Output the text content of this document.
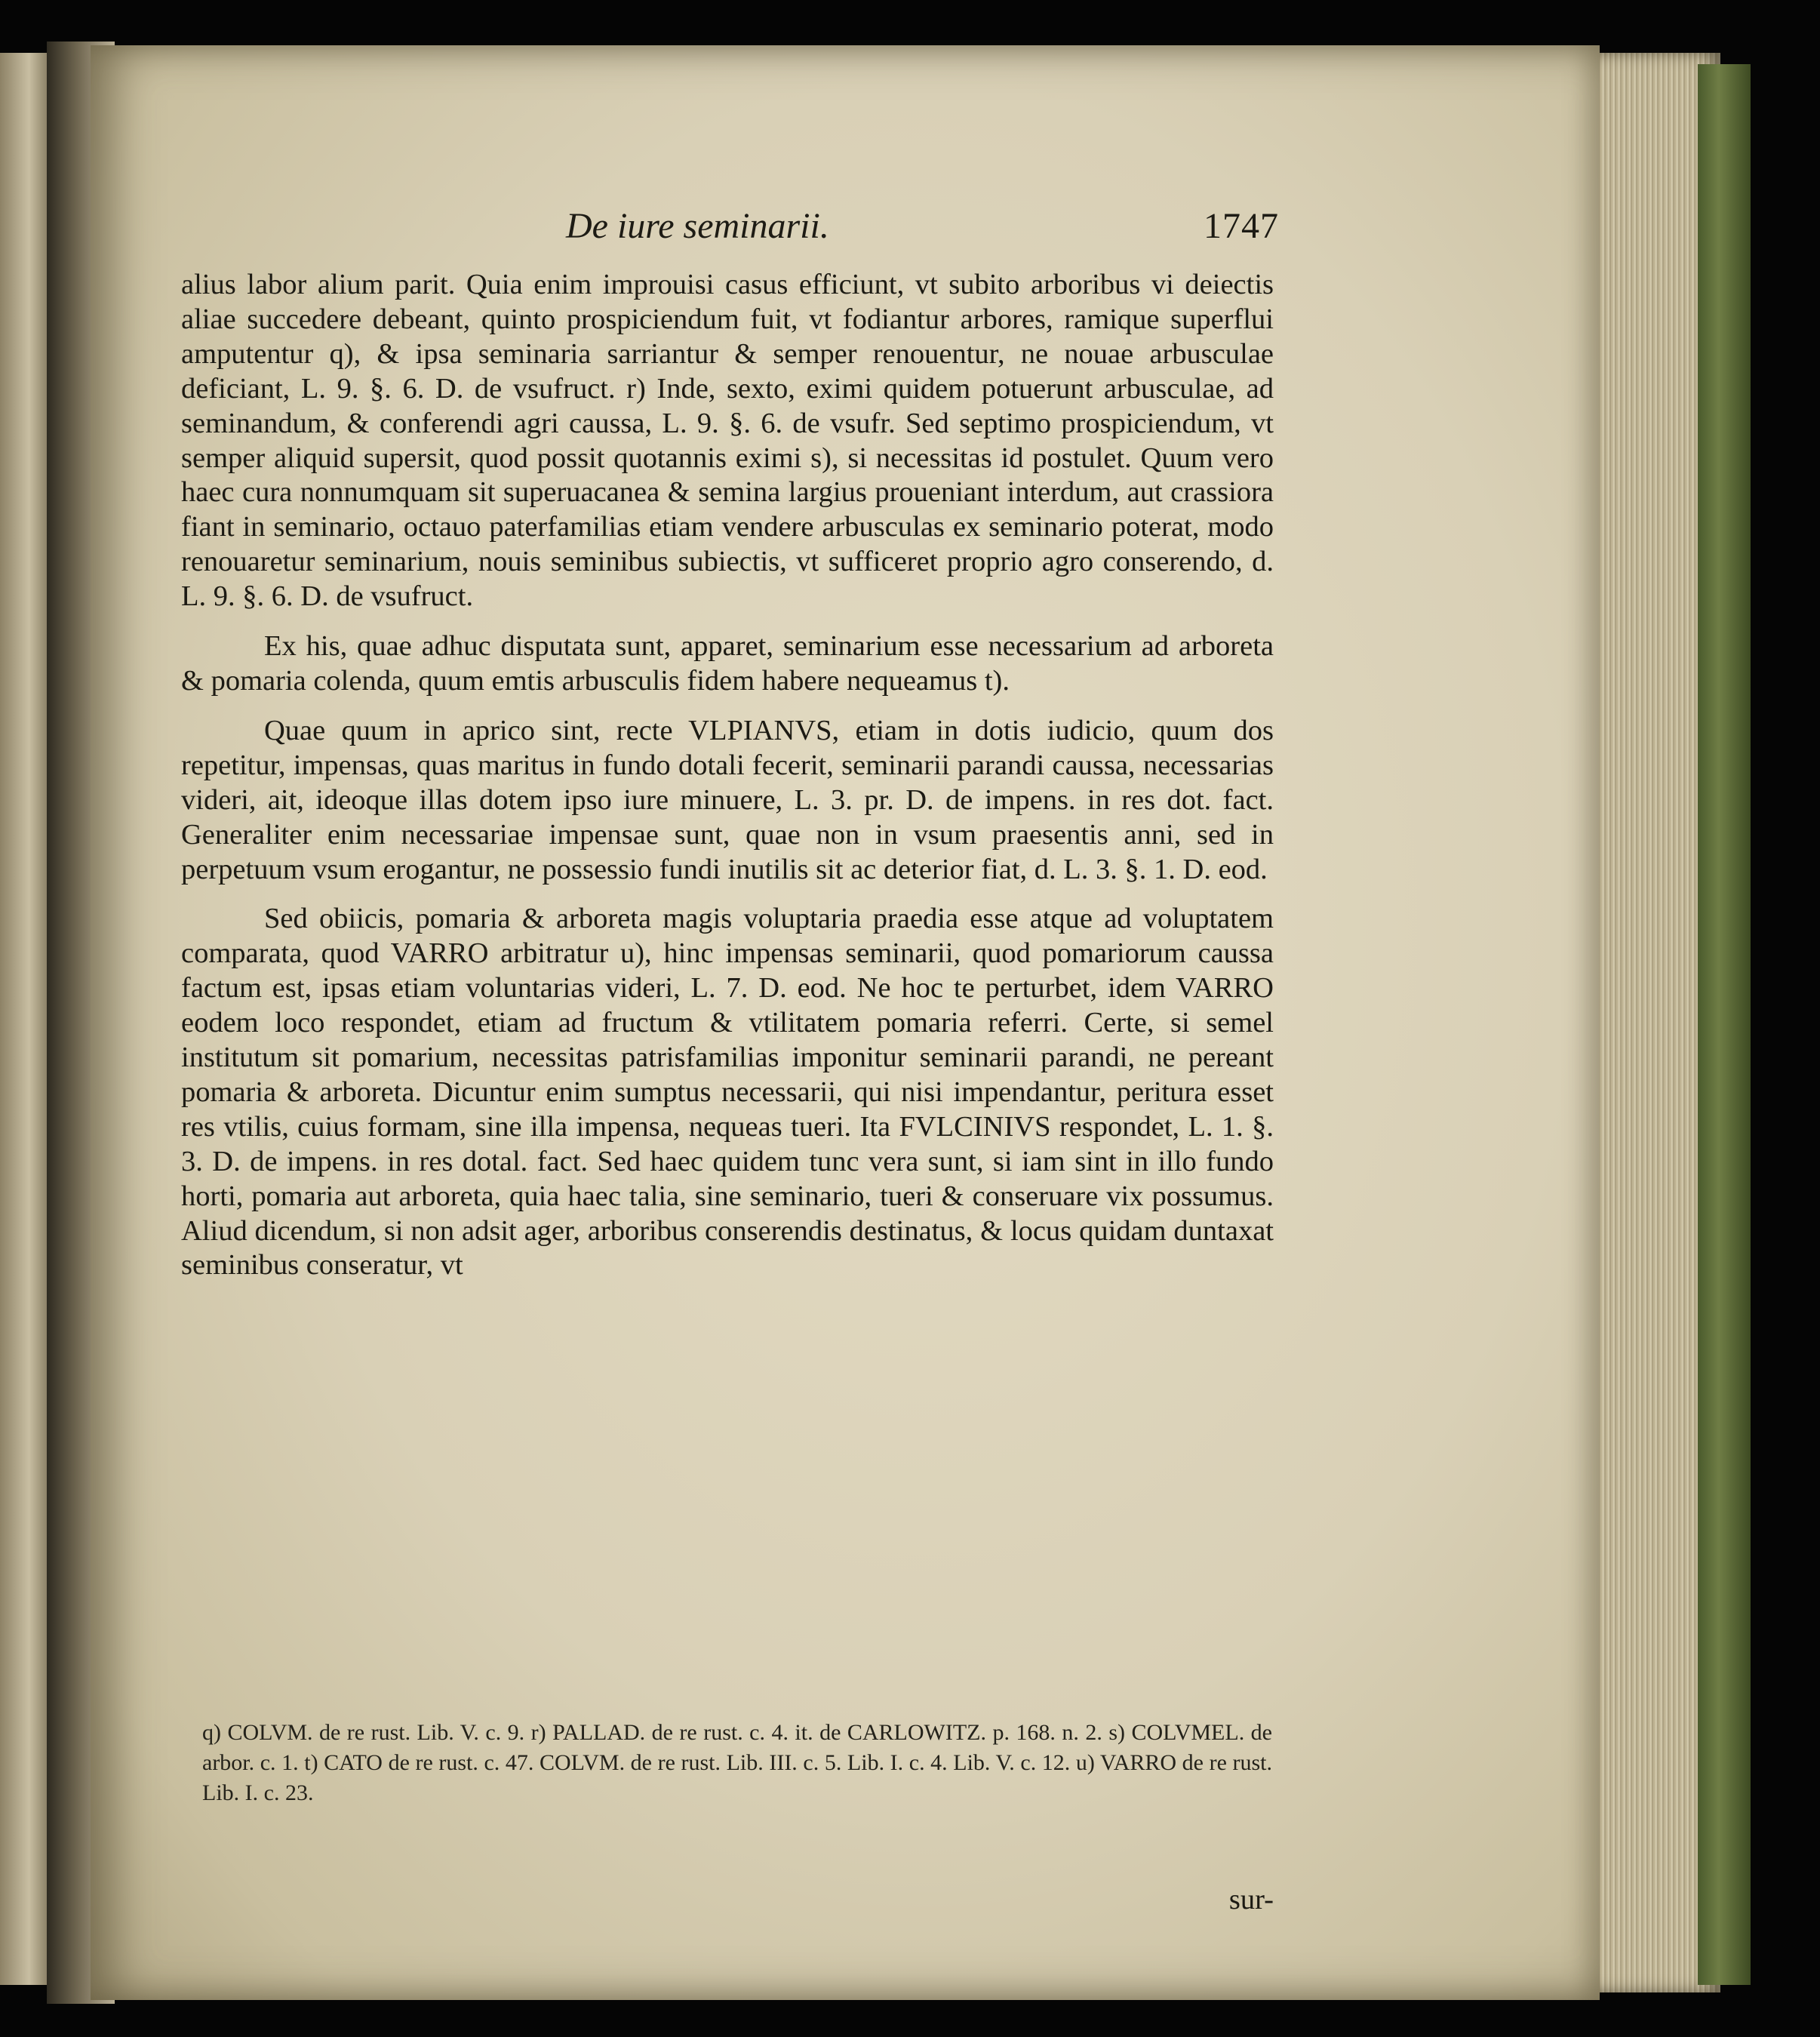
De iure seminarii.	1747

alius labor alium parit. Quia enim improuisi casus efficiunt, vt subito arboribus vi deiectis aliae succedere debeant, quinto prospiciendum fuit, vt fodiantur arbores, ramique superflui amputentur q), & ipsa seminaria sarriantur & semper renouentur, ne nouae arbusculae deficiant, L. 9. §. 6. D. de vsufruct. r) Inde, sexto, eximi quidem potuerunt arbusculae, ad seminandum, & conferendi agri caussa, L. 9. §. 6. de vsufr. Sed septimo prospiciendum, vt semper aliquid supersit, quod possit quotannis eximi s), si necessitas id postulet. Quum vero haec cura nonnumquam sit superuacanea & semina largius proueniant interdum, aut crassiora fiant in seminario, octauo paterfamilias etiam vendere arbusculas ex seminario poterat, modo renouaretur seminarium, nouis seminibus subiectis, vt sufficeret proprio agro conserendo, d. L. 9. §. 6. D. de vsufruct.

Ex his, quae adhuc disputata sunt, apparet, seminarium esse necessarium ad arboreta & pomaria colenda, quum emtis arbusculis fidem habere nequeamus t).

Quae quum in aprico sint, recte VLPIANVS, etiam in dotis iudicio, quum dos repetitur, impensas, quas maritus in fundo dotali fecerit, seminarii parandi caussa, necessarias videri, ait, ideoque illas dotem ipso iure minuere, L. 3. pr. D. de impens. in res dot. fact. Generaliter enim necessariae impensae sunt, quae non in vsum praesentis anni, sed in perpetuum vsum erogantur, ne possessio fundi inutilis sit ac deterior fiat, d. L. 3. §. 1. D. eod.

Sed obiicis, pomaria & arboreta magis voluptaria praedia esse atque ad voluptatem comparata, quod VARRO arbitratur u), hinc impensas seminarii, quod pomariorum caussa factum est, ipsas etiam voluntarias videri, L. 7. D. eod. Ne hoc te perturbet, idem VARRO eodem loco respondet, etiam ad fructum & vtilitatem pomaria referri. Certe, si semel institutum sit pomarium, necessitas patrisfamilias imponitur seminarii parandi, ne pereant pomaria & arboreta. Dicuntur enim sumptus necessarii, qui nisi impendantur, peritura esset res vtilis, cuius formam, sine illa impensa, nequeas tueri. Ita FVLCINIVS respondet, L. 1. §. 3. D. de impens. in res dotal. fact. Sed haec quidem tunc vera sunt, si iam sint in illo fundo horti, pomaria aut arboreta, quia haec talia, sine seminario, tueri & conseruare vix possumus. Aliud dicendum, si non adsit ager, arboribus conserendis destinatus, & locus quidam duntaxat seminibus conseratur, vt

sur-

q) COLVM. de re rust. Lib. V. c. 9. r) PALLAD. de re rust. c. 4. it. de CARLOWITZ. p. 168. n. 2. s) COLVMEL. de arbor. c. 1. t) CATO de re rust. c. 47. COLVM. de re rust. Lib. III. c. 5. Lib. I. c. 4. Lib. V. c. 12. u) VARRO de re rust. Lib. I. c. 23.
